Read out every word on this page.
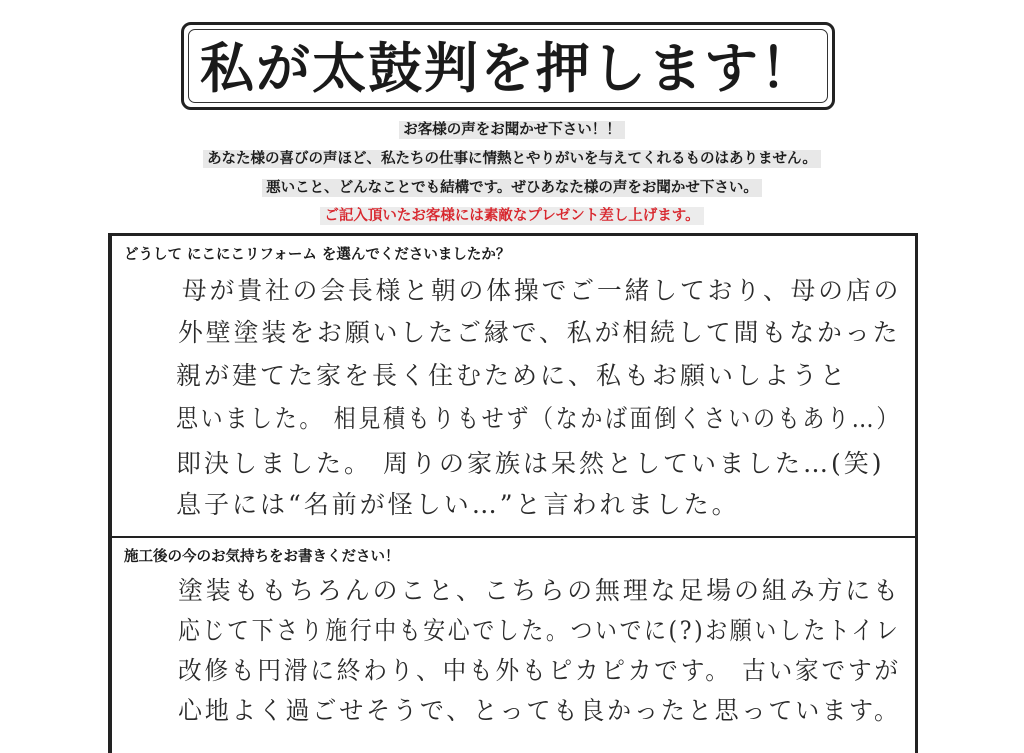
私が太鼓判を押します！
お客様の声をお聞かせ下さい！！
あなた様の喜びの声ほど、私たちの仕事に情熱とやりがいを与えてくれるものはありません。
悪いこと、どんなことでも結構です。ぜひあなた様の声をお聞かせ下さい。
ご記入頂いたお客様には素敵なプレゼント差し上げます。
どうして にこにこリフォーム を選んでくださいましたか？
母が貴社の会長様と朝の体操でご一緒しており、母の店の
外壁塗装をお願いしたご縁で、私が相続して間もなかった
親が建てた家を長く住むために、私もお願いしようと
思いました。 相見積もりもせず（なかば面倒くさいのもあり…）
即決しました。 周りの家族は呆然としていました…(笑)
息子には“名前が怪しい…”と言われました。
施工後の今のお気持ちをお書きください！
塗装ももちろんのこと、こちらの無理な足場の組み方にも
応じて下さり施行中も安心でした。ついでに(?)お願いしたトイレ
改修も円滑に終わり、中も外もピカピカです。 古い家ですが
心地よく過ごせそうで、とっても良かったと思っています。
